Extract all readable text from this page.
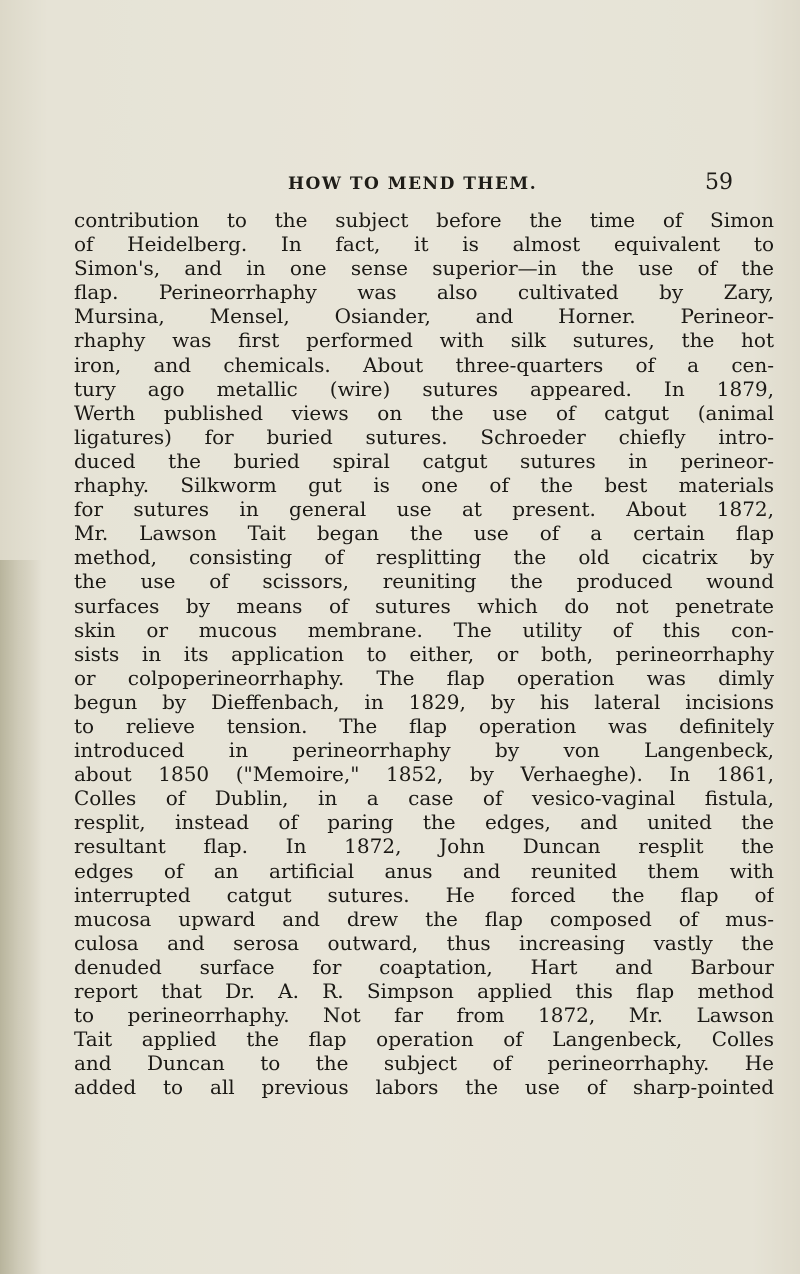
HOW TO MEND THEM.	59
contribution to the subject before the time of Simon
of Heidelberg. In fact, it is almost equivalent to
Simon's, and in one sense superior—in the use of the
flap. Perineorrhaphy was also cultivated by Zary,
Mursina, Mensel, Osiander, and Horner. Perineor-
rhaphy was first performed with silk sutures, the hot
iron, and chemicals. About three-quarters of a cen-
tury ago metallic (wire) sutures appeared. In 1879,
Werth published views on the use of catgut (animal
ligatures) for buried sutures. Schroeder chiefly intro-
duced the buried spiral catgut sutures in perineor-
rhaphy. Silkworm gut is one of the best materials
for sutures in general use at present. About 1872,
Mr. Lawson Tait began the use of a certain flap
method, consisting of resplitting the old cicatrix by
the use of scissors, reuniting the produced wound
surfaces by means of sutures which do not penetrate
skin or mucous membrane. The utility of this con-
sists in its application to either, or both, perineorrhaphy
or colpoperineorrhaphy. The flap operation was dimly
begun by Dieffenbach, in 1829, by his lateral incisions
to relieve tension. The flap operation was definitely
introduced in perineorrhaphy by von Langenbeck,
about 1850 ("Memoire," 1852, by Verhaeghe). In 1861,
Colles of Dublin, in a case of vesico-vaginal fistula,
resplit, instead of paring the edges, and united the
resultant flap. In 1872, John Duncan resplit the
edges of an artificial anus and reunited them with
interrupted catgut sutures. He forced the flap of
mucosa upward and drew the flap composed of mus-
culosa and serosa outward, thus increasing vastly the
denuded surface for coaptation, Hart and Barbour
report that Dr. A. R. Simpson applied this flap method
to perineorrhaphy. Not far from 1872, Mr. Lawson
Tait applied the flap operation of Langenbeck, Colles
and Duncan to the subject of perineorrhaphy. He
added to all previous labors the use of sharp-pointed
